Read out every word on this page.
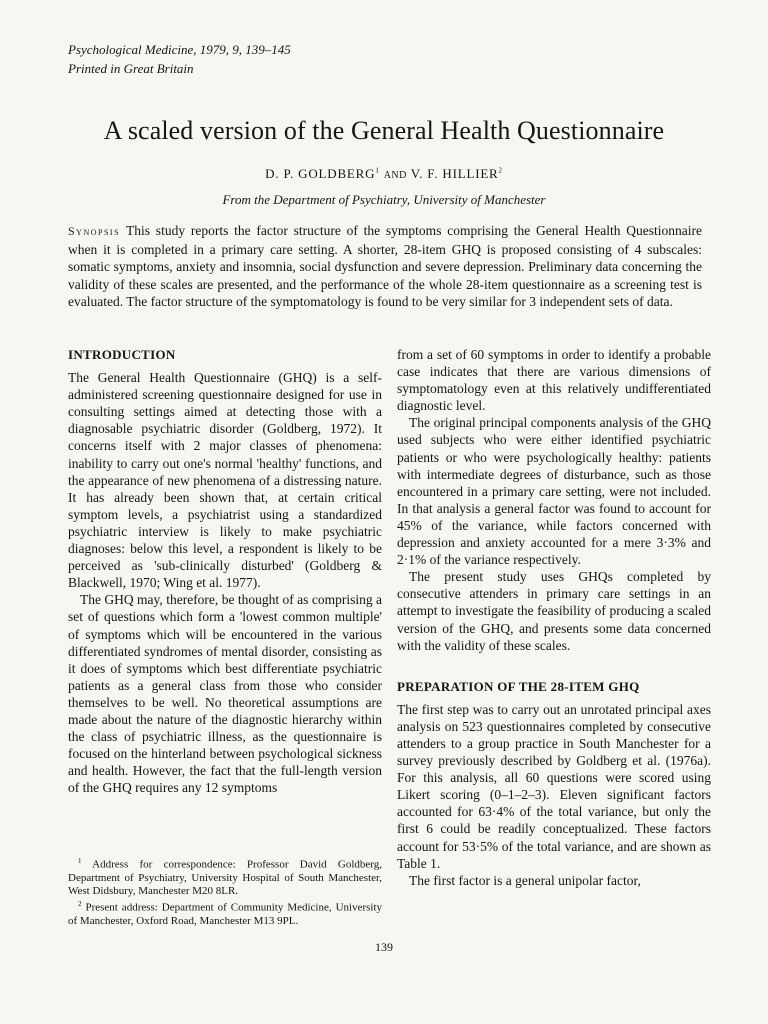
Psychological Medicine, 1979, 9, 139–145
Printed in Great Britain
A scaled version of the General Health Questionnaire
D. P. GOLDBERG$^1$ AND V. F. HILLIER$^2$
From the Department of Psychiatry, University of Manchester
Synopsis This study reports the factor structure of the symptoms comprising the General Health Questionnaire when it is completed in a primary care setting. A shorter, 28-item GHQ is proposed consisting of 4 subscales: somatic symptoms, anxiety and insomnia, social dysfunction and severe depression. Preliminary data concerning the validity of these scales are presented, and the performance of the whole 28-item questionnaire as a screening test is evaluated. The factor structure of the symptomatology is found to be very similar for 3 independent sets of data.
INTRODUCTION

The General Health Questionnaire (GHQ) is a self-administered screening questionnaire designed for use in consulting settings aimed at detecting those with a diagnosable psychiatric disorder (Goldberg, 1972). It concerns itself with 2 major classes of phenomena: inability to carry out one's normal 'healthy' functions, and the appearance of new phenomena of a distressing nature. It has already been shown that, at certain critical symptom levels, a psychiatrist using a standardized psychiatric interview is likely to make psychiatric diagnoses: below this level, a respondent is likely to be perceived as 'sub-clinically disturbed' (Goldberg & Blackwell, 1970; Wing et al. 1977).

The GHQ may, therefore, be thought of as comprising a set of questions which form a 'lowest common multiple' of symptoms which will be encountered in the various differentiated syndromes of mental disorder, consisting as it does of symptoms which best differentiate psychiatric patients as a general class from those who consider themselves to be well. No theoretical assumptions are made about the nature of the diagnostic hierarchy within the class of psychiatric illness, as the questionnaire is focused on the hinterland between psychological sickness and health. However, the fact that the full-length version of the GHQ requires any 12 symptoms

$^1$ Address for correspondence: Professor David Goldberg, Department of Psychiatry, University Hospital of South Manchester, West Didsbury, Manchester M20 8LR.

$^2$ Present address: Department of Community Medicine, University of Manchester, Oxford Road, Manchester M13 9PL.

from a set of 60 symptoms in order to identify a probable case indicates that there are various dimensions of symptomatology even at this relatively undifferentiated diagnostic level.

The original principal components analysis of the GHQ used subjects who were either identified psychiatric patients or who were psychologically healthy: patients with intermediate degrees of disturbance, such as those encountered in a primary care setting, were not included. In that analysis a general factor was found to account for 45% of the variance, while factors concerned with depression and anxiety accounted for a mere 3·3% and 2·1% of the variance respectively.

The present study uses GHQs completed by consecutive attenders in primary care settings in an attempt to investigate the feasibility of producing a scaled version of the GHQ, and presents some data concerned with the validity of these scales.

PREPARATION OF THE 28-ITEM GHQ

The first step was to carry out an unrotated principal axes analysis on 523 questionnaires completed by consecutive attenders to a group practice in South Manchester for a survey previously described by Goldberg et al. (1976a). For this analysis, all 60 questions were scored using Likert scoring (0–1–2–3). Eleven significant factors accounted for 63·4% of the total variance, but only the first 6 could be readily conceptualized. These factors account for 53·5% of the total variance, and are shown as Table 1.

The first factor is a general unipolar factor,

139
